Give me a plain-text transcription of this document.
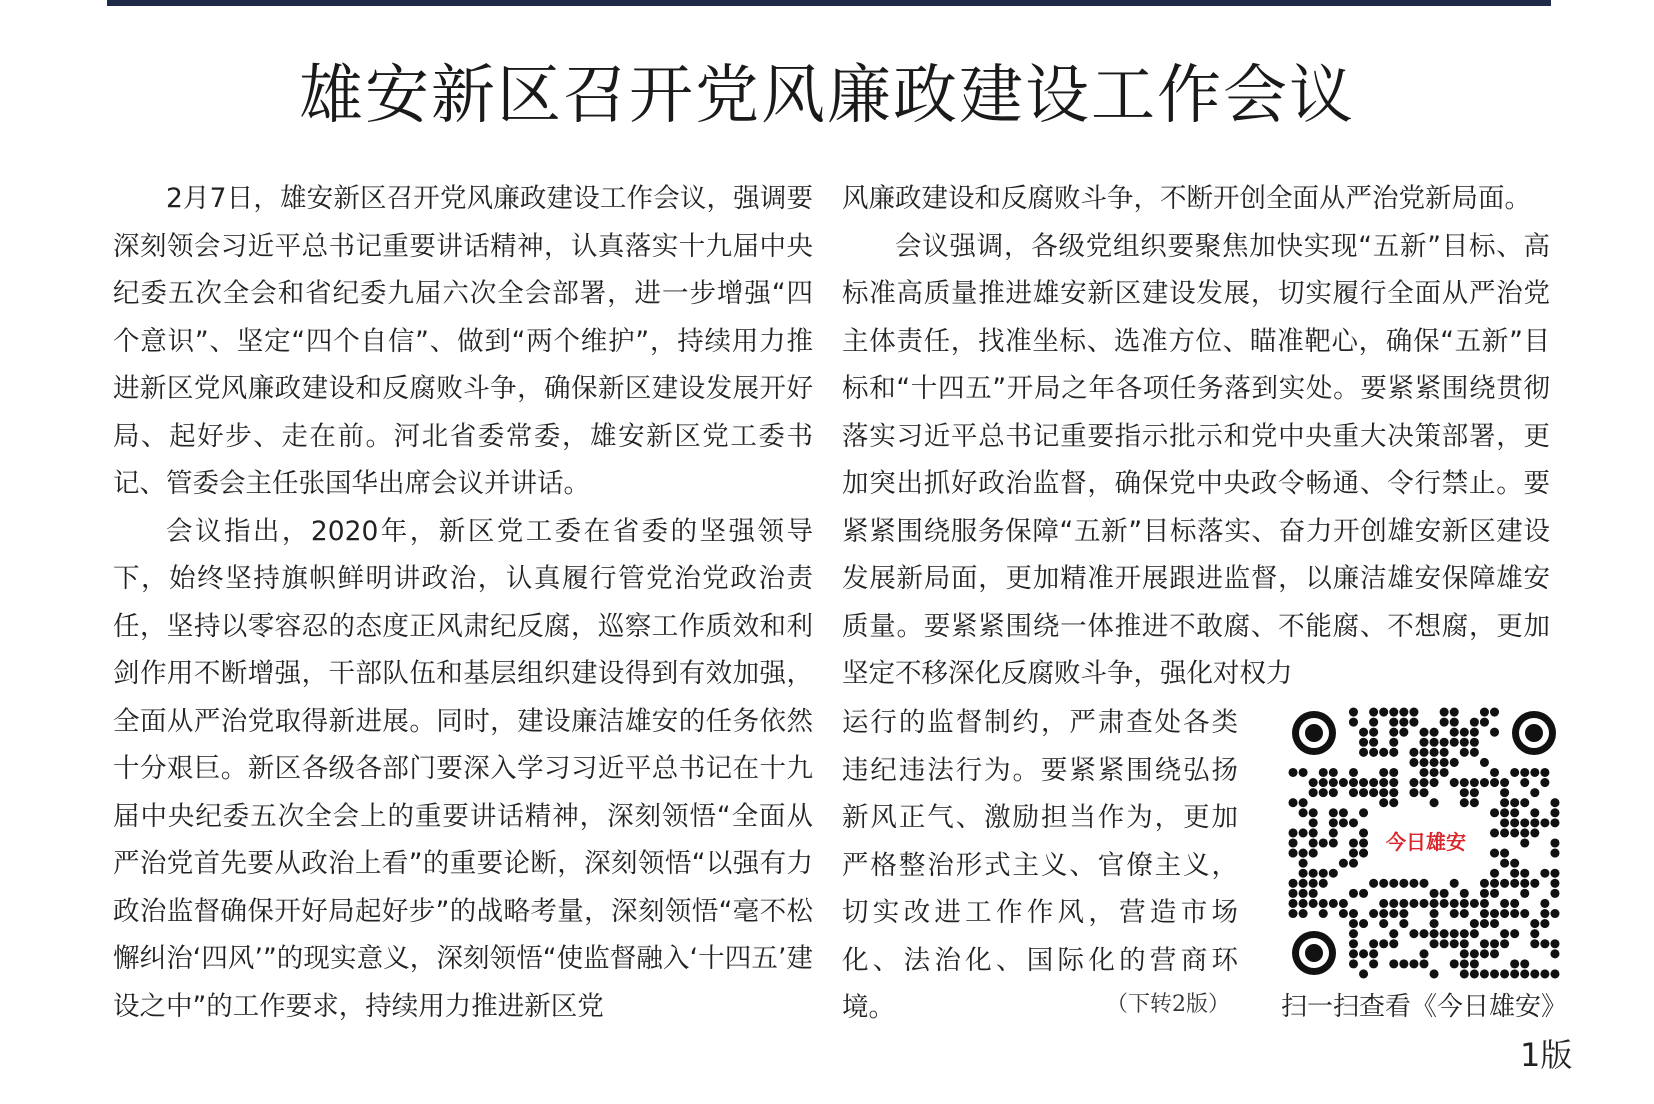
雄安新区召开党风廉政建设工作会议

2月7日，雄安新区召开党风廉政建设工作会议，强调要深刻领会习近平总书记重要讲话精神，认真落实十九届中央纪委五次全会和省纪委九届六次全会部署，进一步增强“四个意识”、坚定“四个自信”、做到“两个维护”，持续用力推进新区党风廉政建设和反腐败斗争，确保新区建设发展开好局、起好步、走在前。河北省委常委，雄安新区党工委书记、管委会主任张国华出席会议并讲话。

会议指出，2020年，新区党工委在省委的坚强领导下，始终坚持旗帜鲜明讲政治，认真履行管党治党政治责任，坚持以零容忍的态度正风肃纪反腐，巡察工作质效和利剑作用不断增强，干部队伍和基层组织建设得到有效加强，全面从严治党取得新进展。同时，建设廉洁雄安的任务依然十分艰巨。新区各级各部门要深入学习习近平总书记在十九届中央纪委五次全会上的重要讲话精神，深刻领悟“全面从严治党首先要从政治上看”的重要论断，深刻领悟“以强有力政治监督确保开好局起好步”的战略考量，深刻领悟“毫不松懈纠治‘四风’”的现实意义，深刻领悟“使监督融入‘十四五’建设之中”的工作要求，持续用力推进新区党

风廉政建设和反腐败斗争，不断开创全面从严治党新局面。

会议强调，各级党组织要聚焦加快实现“五新”目标、高标准高质量推进雄安新区建设发展，切实履行全面从严治党主体责任，找准坐标、选准方位、瞄准靶心，确保“五新”目标和“十四五”开局之年各项任务落到实处。要紧紧围绕贯彻落实习近平总书记重要指示批示和党中央重大决策部署，更加突出抓好政治监督，确保党中央政令畅通、令行禁止。要紧紧围绕服务保障“五新”目标落实、奋力开创雄安新区建设发展新局面，更加精准开展跟进监督，以廉洁雄安保障雄安质量。要紧紧围绕一体推进不敢腐、不能腐、不想腐，更加坚定不移深化反腐败斗争，强化对权力

运行的监督制约，严肃查处各类违纪违法行为。要紧紧围绕弘扬新风正气、激励担当作为，更加严格整治形式主义、官僚主义，切实改进工作作风，营造市场化、法治化、国际化的营商环境。	（下转2版）
今日雄安
扫一扫查看《今日雄安》
1版
